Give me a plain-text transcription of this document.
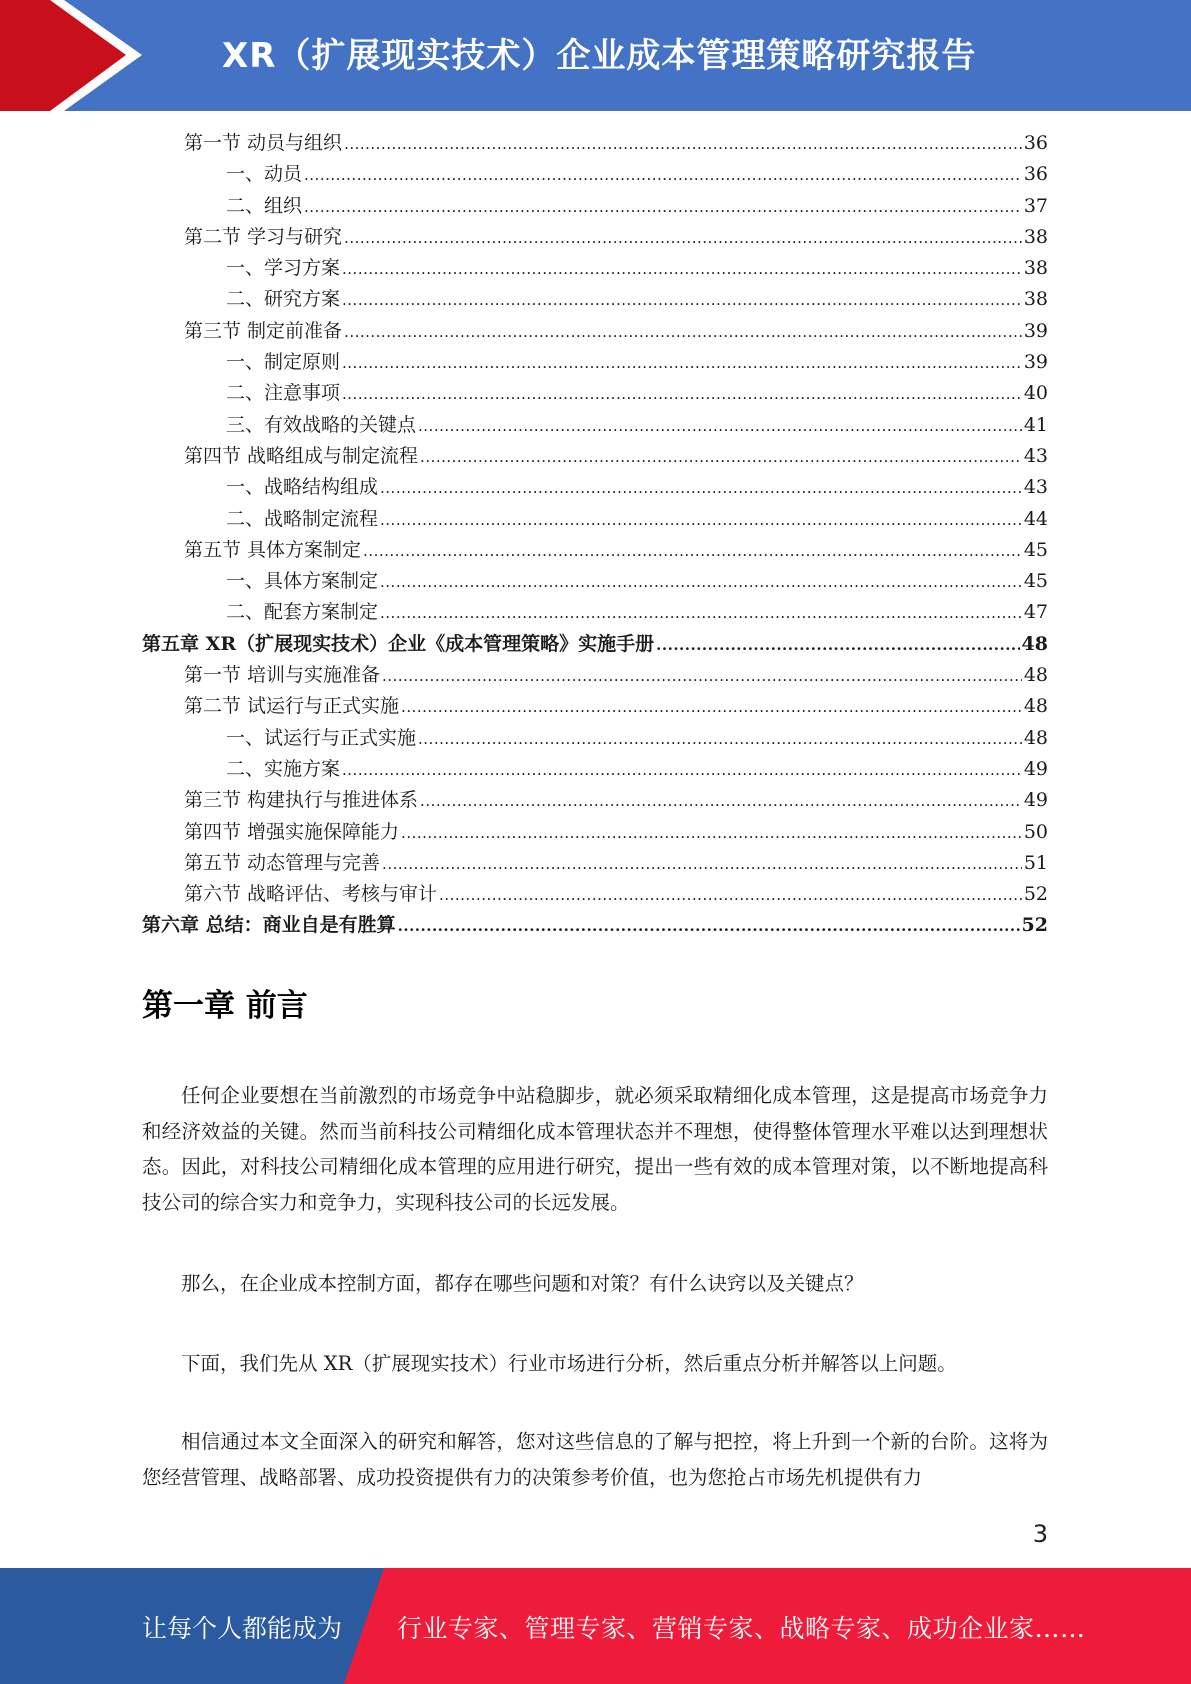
XR（扩展现实技术）企业成本管理策略研究报告
第一节 动员与组织 .....	36
一、动员 .....	36
二、组织 .....	37
第二节 学习与研究 .....	38
一、学习方案 .....	38
二、研究方案 .....	38
第三节 制定前准备 .....	39
一、制定原则 .....	39
二、注意事项 .....	40
三、有效战略的关键点 .....	41
第四节 战略组成与制定流程 .....	43
一、战略结构组成 .....	43
二、战略制定流程 .....	44
第五节 具体方案制定 .....	45
一、具体方案制定 .....	45
二、配套方案制定 .....	47
第五章 XR（扩展现实技术）企业《成本管理策略》实施手册 .....	48
第一节 培训与实施准备 .....	48
第二节 试运行与正式实施 .....	48
一、试运行与正式实施 .....	48
二、实施方案 .....	49
第三节 构建执行与推进体系 .....	49
第四节 增强实施保障能力 .....	50
第五节 动态管理与完善 .....	51
第六节 战略评估、考核与审计 .....	52
第六章 总结：商业自是有胜算 .....	52
第一章 前言

任何企业要想在当前激烈的市场竞争中站稳脚步，就必须采取精细化成本管理，这是提高市场竞争力和经济效益的关键。然而当前科技公司精细化成本管理状态并不理想，使得整体管理水平难以达到理想状态。因此，对科技公司精细化成本管理的应用进行研究，提出一些有效的成本管理对策，以不断地提高科技公司的综合实力和竞争力，实现科技公司的长远发展。

那么，在企业成本控制方面，都存在哪些问题和对策？有什么诀窍以及关键点？

下面，我们先从 XR（扩展现实技术）行业市场进行分析，然后重点分析并解答以上问题。

相信通过本文全面深入的研究和解答，您对这些信息的了解与把控，将上升到一个新的台阶。这将为您经营管理、战略部署、成功投资提供有力的决策参考价值，也为您抢占市场先机提供有力

3
让每个人都能成为 行业专家、管理专家、营销专家、战略专家、成功企业家……
